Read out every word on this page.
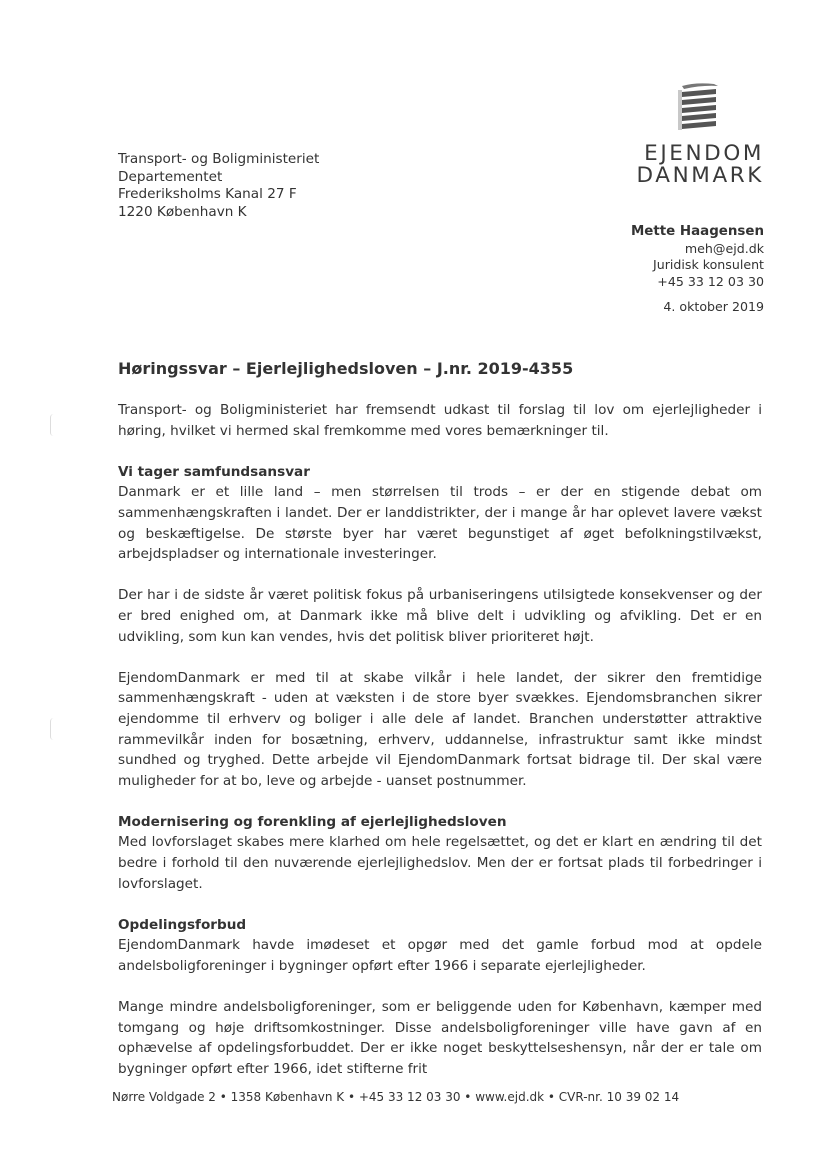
Transport- og Boligministeriet
Departementet
Frederiksholms Kanal 27 F
1220 København K
EJENDOM
DANMARK
Mette Haagensen
meh@ejd.dk
Juridisk konsulent
+45 33 12 03 30
4. oktober 2019
Høringssvar – Ejerlejlighedsloven – J.nr. 2019-4355

Transport- og Boligministeriet har fremsendt udkast til forslag til lov om ejerlejligheder i høring, hvilket vi hermed skal fremkomme med vores bemærkninger til.

Vi tager samfundsansvar

Danmark er et lille land – men størrelsen til trods – er der en stigende debat om sammenhængskraften i landet. Der er landdistrikter, der i mange år har oplevet lavere vækst og beskæftigelse. De største byer har været begunstiget af øget befolkningstilvækst, arbejdspladser og internationale investeringer.

Der har i de sidste år været politisk fokus på urbaniseringens utilsigtede konsekvenser og der er bred enighed om, at Danmark ikke må blive delt i udvikling og afvikling. Det er en udvikling, som kun kan vendes, hvis det politisk bliver prioriteret højt.

EjendomDanmark er med til at skabe vilkår i hele landet, der sikrer den fremtidige sammenhængskraft - uden at væksten i de store byer svækkes. Ejendomsbranchen sikrer ejendomme til erhverv og boliger i alle dele af landet. Branchen understøtter attraktive rammevilkår inden for bosætning, erhverv, uddannelse, infrastruktur samt ikke mindst sundhed og tryghed. Dette arbejde vil EjendomDanmark fortsat bidrage til. Der skal være muligheder for at bo, leve og arbejde - uanset postnummer.

Modernisering og forenkling af ejerlejlighedsloven

Med lovforslaget skabes mere klarhed om hele regelsættet, og det er klart en ændring til det bedre i forhold til den nuværende ejerlejlighedslov. Men der er fortsat plads til forbedringer i lovforslaget.

Opdelingsforbud

EjendomDanmark havde imødeset et opgør med det gamle forbud mod at opdele andelsboligforeninger i bygninger opført efter 1966 i separate ejerlejligheder.

Mange mindre andelsboligforeninger, som er beliggende uden for København, kæmper med tomgang og høje driftsomkostninger. Disse andelsboligforeninger ville have gavn af en ophævelse af opdelingsforbuddet. Der er ikke noget beskyttelseshensyn, når der er tale om bygninger opført efter 1966, idet stifterne frit

Nørre Voldgade 2 • 1358 København K • +45 33 12 03 30 • www.ejd.dk • CVR-nr. 10 39 02 14
